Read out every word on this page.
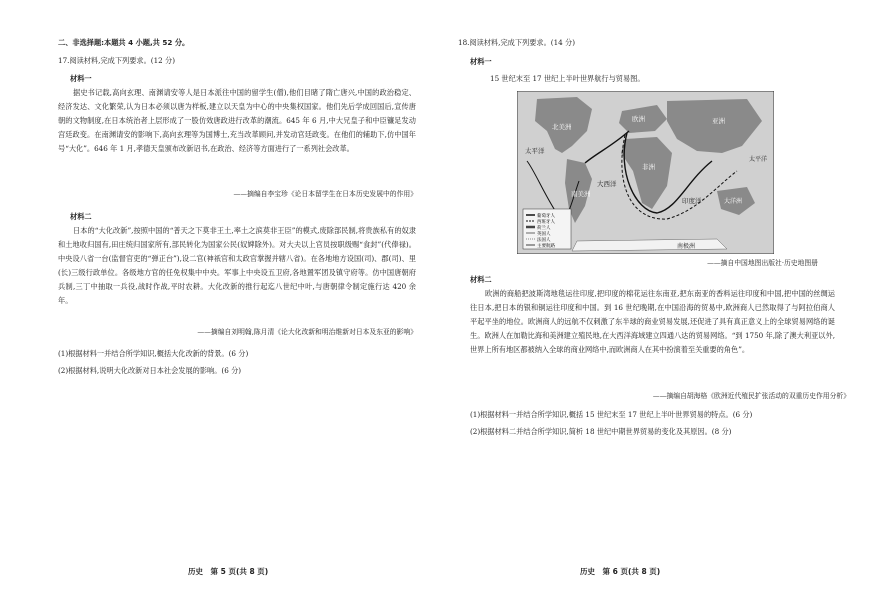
二、非选择题:本题共 4 小题,共 52 分。
17.阅读材料,完成下列要求。(12 分)
材料一
据史书记载,高向玄理、南渊请安等人是日本派往中国的留学生(僧),他们目睹了隋亡唐兴,中国的政治稳定、经济发达、文化繁荣,认为日本必须以唐为样板,建立以天皇为中心的中央集权国家。他们先后学成回国后,宣传唐朝的文物制度,在日本统治者上层形成了一股仿效唐政进行改革的潮流。645 年 6 月,中大兄皇子和中臣镰足发动宫廷政变。在南渊请安的影响下,高向玄理等为国博士,充当改革顾问,并发动官廷政变。在他们的辅助下,仿中国年号“大化”。646 年 1 月,孝德天皇颁布改新诏书,在政治、经济等方面进行了一系列社会改革。
——摘编自李宝珍《论日本留学生在日本历史发展中的作用》
材料二
日本的“大化改新”,按照中国的“普天之下莫非王土,率土之滨莫非王臣”的模式,废除部民制,将贵族私有的奴隶和土地收归国有,田庄统归国家所有,部民转化为国家公民(奴婢除外)。对大夫以上官员按职级赐“食封”(代俸禄)。中央设八省一台(监督官吏的“弹正台”),设二官(神祇官和太政官掌握并辖八省)。在各地地方设国(司)、郡(司)、里(长)三级行政单位。各级地方官的任免权集中中央。军事上中央设五卫府,各地置军团及镇守府等。仿中国唐朝府兵制,三丁中抽取一兵役,战时作战,平时农耕。大化改新的推行起迄八世纪中叶,与唐朝律令制定施行达 420 余年。
——摘编自刘明翰,陈月清《论大化改新和明治维新对日本及东亚的影响》
(1)根据材料一并结合所学知识,概括大化改新的背景。(6 分)
(2)根据材料,说明大化改新对日本社会发展的影响。(6 分)
历史　第 5 页(共 8 页)
18.阅读材料,完成下列要求。(14 分)
材料一
15 世纪末至 17 世纪上半叶世界航行与贸易图。
——摘自中国地图出版社·历史地图册
材料二
欧洲的商船把波斯湾地毯运往印度,把印度的棉花运往东南亚,把东南亚的香料运往印度和中国,把中国的丝绸运往日本,把日本的银和铜运往印度和中国。到 16 世纪晚期,在中国沿海的贸易中,欧洲商人已然取得了与阿拉伯商人平起平坐的地位。欧洲商人的远航不仅刺激了东半球的商业贸易发展,还促进了具有真正意义上的全球贸易网络的诞生。欧洲人在加勒比海和美洲建立殖民地,在大西洋海域建立四通八达的贸易网络。“到 1750 年,除了澳大利亚以外,世界上所有地区都被纳入全球的商业网络中,而欧洲商人在其中扮演着至关重要的角色”。
——摘编自胡海格《欧洲近代殖民扩张活动的双重历史作用分析》
(1)根据材料一并结合所学知识,概括 15 世纪末至 17 世纪上半叶世界贸易的特点。(6 分)
(2)根据材料二并结合所学知识,简析 18 世纪中期世界贸易的变化及其原因。(8 分)
历史　第 6 页(共 8 页)
北美洲
南美洲
欧洲
非洲
亚洲
大洋洲
太平洋
太平洋
大西洋
印度洋
南极洲
葡萄牙人
西班牙人
荷兰人
英国人
法国人
主要航路
